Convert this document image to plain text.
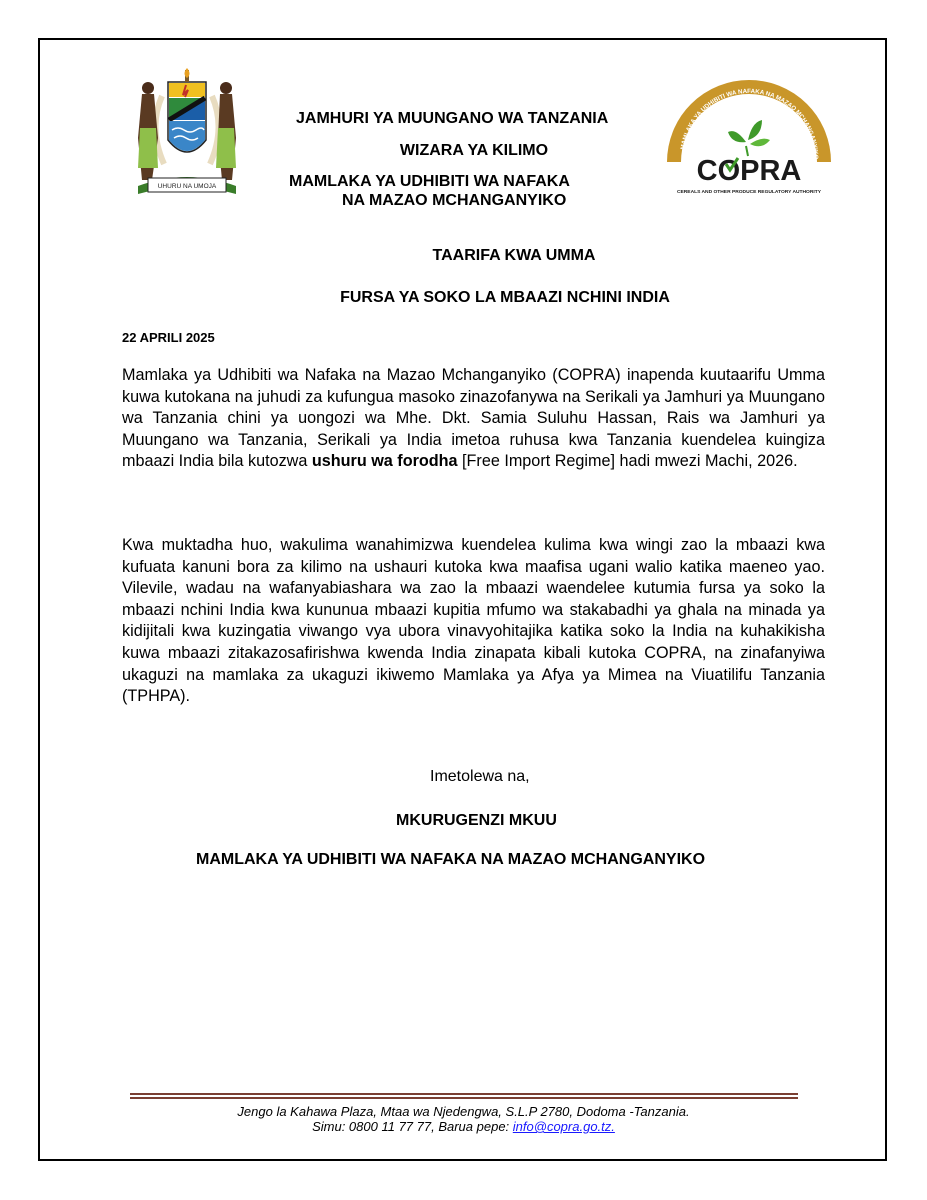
UHURU NA UMOJA
JAMHURI YA MUUNGANO WA TANZANIA
WIZARA YA KILIMO
MAMLAKA YA UDHIBITI WA NAFAKA
NA MAZAO MCHANGANYIKO
MAMLAKA YA UDHIBITI WA NAFAKA NA MAZAO MCHANGANYIKO
COPRA
CEREALS AND OTHER PRODUCE REGULATORY AUTHORITY
TAARIFA KWA UMMA
FURSA YA SOKO LA MBAAZI NCHINI INDIA
22 APRILI 2025
Mamlaka ya Udhibiti wa Nafaka na Mazao Mchanganyiko (COPRA) inapenda kuutaarifu Umma kuwa kutokana na juhudi za kufungua masoko zinazofanywa na Serikali ya Jamhuri ya Muungano wa Tanzania chini ya uongozi wa Mhe. Dkt. Samia Suluhu Hassan, Rais wa Jamhuri ya Muungano wa Tanzania, Serikali ya India imetoa ruhusa kwa Tanzania kuendelea kuingiza mbaazi India bila kutozwa ushuru wa forodha [Free Import Regime] hadi mwezi Machi, 2026.
Kwa muktadha huo, wakulima wanahimizwa kuendelea kulima kwa wingi zao la mbaazi kwa kufuata kanuni bora za kilimo na ushauri kutoka kwa maafisa ugani walio katika maeneo yao. Vilevile, wadau na wafanyabiashara wa zao la mbaazi waendelee kutumia fursa ya soko la mbaazi nchini India kwa kununua mbaazi kupitia mfumo wa stakabadhi ya ghala na minada ya kidijitali kwa kuzingatia viwango vya ubora vinavyohitajika katika soko la India na kuhakikisha kuwa mbaazi zitakazosafirishwa kwenda India zinapata kibali kutoka COPRA, na zinafanyiwa ukaguzi na mamlaka za ukaguzi ikiwemo Mamlaka ya Afya ya Mimea na Viuatilifu Tanzania (TPHPA).
Imetolewa na,
MKURUGENZI MKUU
MAMLAKA YA UDHIBITI WA NAFAKA NA MAZAO MCHANGANYIKO
Jengo la Kahawa Plaza, Mtaa wa Njedengwa, S.L.P 2780, Dodoma -Tanzania.
Simu: 0800 11 77 77, Barua pepe: info@copra.go.tz.
